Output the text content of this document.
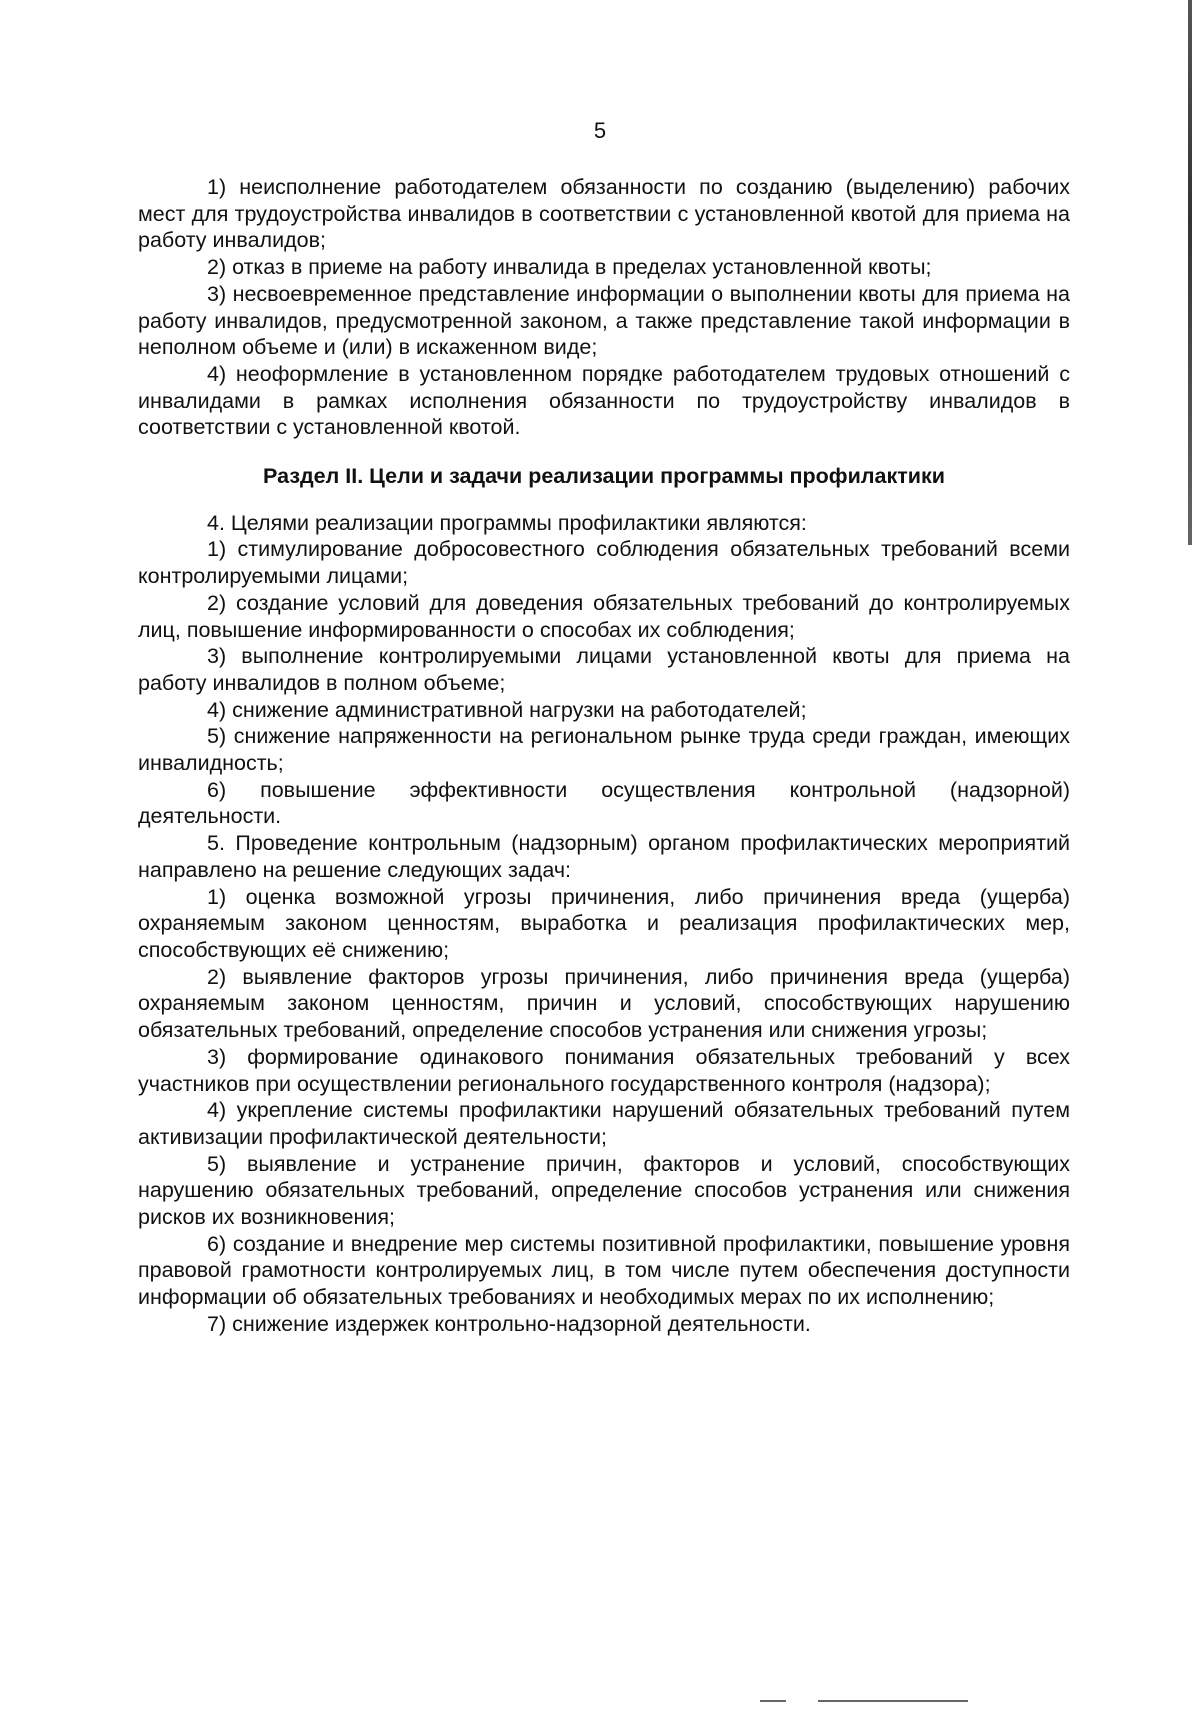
5

1) неисполнение работодателем обязанности по созданию (выделению) рабочих мест для трудоустройства инвалидов в соответствии с установленной квотой для приема на работу инвалидов;

2) отказ в приеме на работу инвалида в пределах установленной квоты;

3) несвоевременное представление информации о выполнении квоты для приема на работу инвалидов, предусмотренной законом, а также представление такой информации в неполном объеме и (или) в искаженном виде;

4) неоформление в установленном порядке работодателем трудовых отношений с инвалидами в рамках исполнения обязанности по трудоустройству инвалидов в соответствии с установленной квотой.

Раздел II. Цели и задачи реализации программы профилактики

4. Целями реализации программы профилактики являются:

1) стимулирование добросовестного соблюдения обязательных требований всеми контролируемыми лицами;

2) создание условий для доведения обязательных требований до контролируемых лиц, повышение информированности о способах их соблюдения;

3) выполнение контролируемыми лицами установленной квоты для приема на работу инвалидов в полном объеме;

4) снижение административной нагрузки на работодателей;

5) снижение напряженности на региональном рынке труда среди граждан, имеющих инвалидность;

6) повышение эффективности осуществления контрольной (надзорной) деятельности.

5. Проведение контрольным (надзорным) органом профилактических мероприятий направлено на решение следующих задач:

1) оценка возможной угрозы причинения, либо причинения вреда (ущерба) охраняемым законом ценностям, выработка и реализация профилактических мер, способствующих её снижению;

2) выявление факторов угрозы причинения, либо причинения вреда (ущерба) охраняемым законом ценностям, причин и условий, способствующих нарушению обязательных требований, определение способов устранения или снижения угрозы;

3) формирование одинакового понимания обязательных требований у всех участников при осуществлении регионального государственного контроля (надзора);

4) укрепление системы профилактики нарушений обязательных требований путем активизации профилактической деятельности;

5) выявление и устранение причин, факторов и условий, способствующих нарушению обязательных требований, определение способов устранения или снижения рисков их возникновения;

6) создание и внедрение мер системы позитивной профилактики, повышение уровня правовой грамотности контролируемых лиц, в том числе путем обеспечения доступности информации об обязательных требованиях и необходимых мерах по их исполнению;

7) снижение издержек контрольно-надзорной деятельности.
